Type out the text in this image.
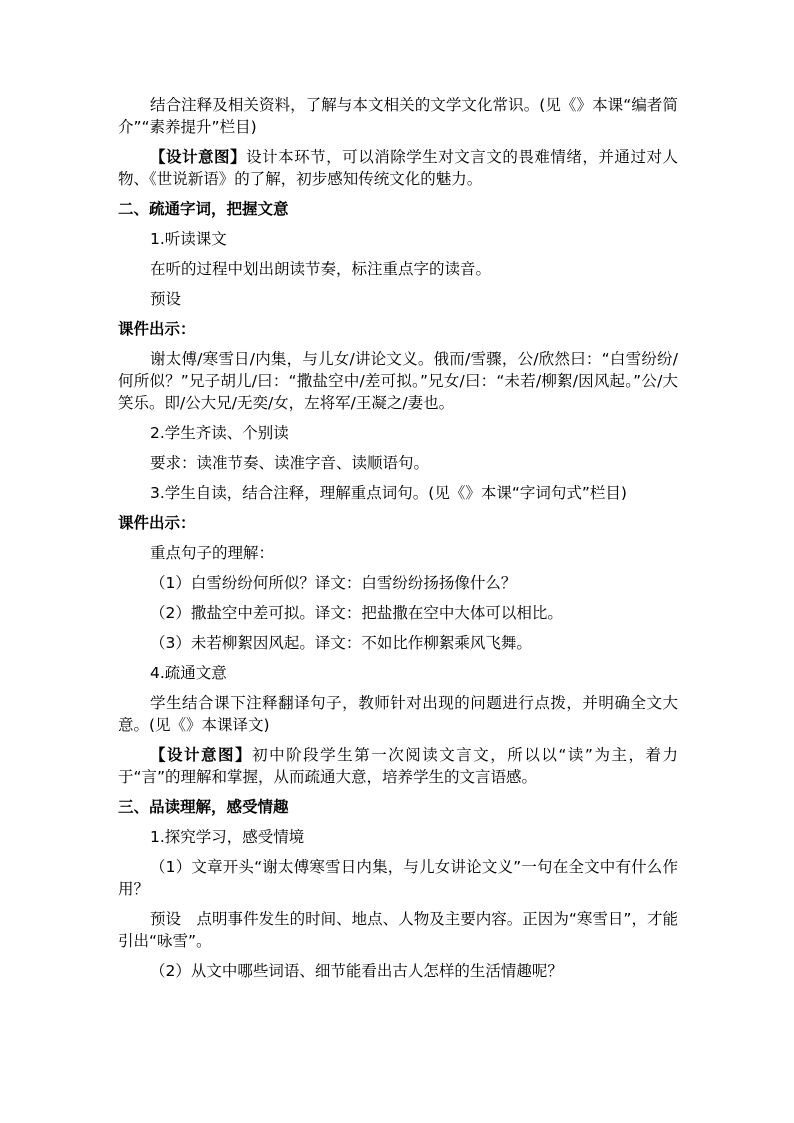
结合注释及相关资料，了解与本文相关的文学文化常识。(见《》本课“编者简介”“素养提升”栏目)

【设计意图】设计本环节，可以消除学生对文言文的畏难情绪，并通过对人物、《世说新语》的了解，初步感知传统文化的魅力。

二、疏通字词，把握文意

1.听读课文

在听的过程中划出朗读节奏，标注重点字的读音。

预设

课件出示：

谢太傅/寒雪日/内集，与儿女/讲论文义。俄而/雪骤，公/欣然曰：“白雪纷纷/何所似？”兄子胡儿/曰：“撒盐空中/差可拟。”兄女/曰：“未若/柳絮/因风起。”公/大笑乐。即/公大兄/无奕/女，左将军/王凝之/妻也。

2.学生齐读、个别读

要求：读准节奏、读准字音、读顺语句。

3.学生自读，结合注释，理解重点词句。(见《》本课“字词句式”栏目)

课件出示：

重点句子的理解：

（1）白雪纷纷何所似？译文：白雪纷纷扬扬像什么？

（2）撒盐空中差可拟。译文：把盐撒在空中大体可以相比。

（3）未若柳絮因风起。译文：不如比作柳絮乘风飞舞。

4.疏通文意

学生结合课下注释翻译句子，教师针对出现的问题进行点拨，并明确全文大意。(见《》本课译文)

【设计意图】初中阶段学生第一次阅读文言文，所以以“读”为主，着力于“言”的理解和掌握，从而疏通大意，培养学生的文言语感。

三、品读理解，感受情趣

1.探究学习，感受情境

（1）文章开头“谢太傅寒雪日内集，与儿女讲论文义”一句在全文中有什么作用？

预设　点明事件发生的时间、地点、人物及主要内容。正因为“寒雪日”，才能引出“咏雪”。

（2）从文中哪些词语、细节能看出古人怎样的生活情趣呢？
